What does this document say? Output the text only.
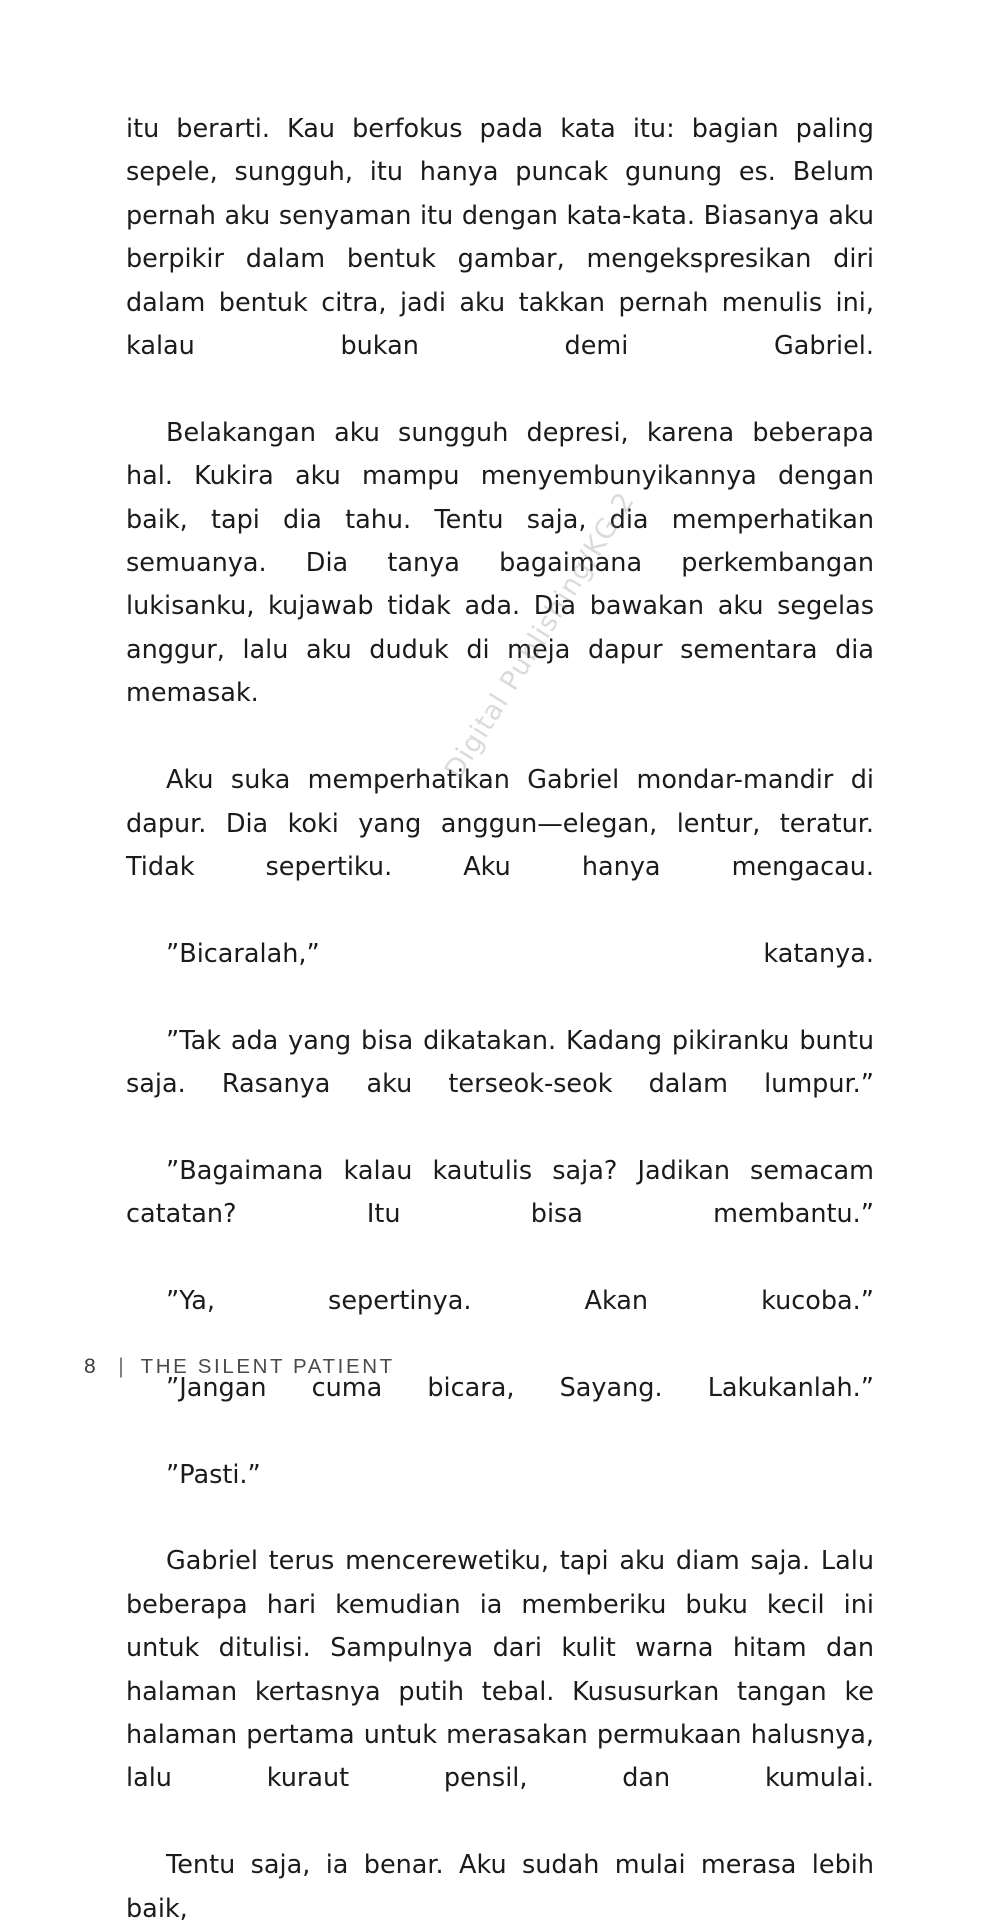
Digital Publishing/KG-2

itu berarti. Kau berfokus pada kata itu: bagian paling sepele, sungguh, itu hanya puncak gunung es. Belum pernah aku senyaman itu dengan kata-kata. Biasanya aku berpikir dalam bentuk gambar, mengekspresikan diri dalam bentuk citra, jadi aku takkan pernah menulis ini, kalau bukan demi Gabriel.

Belakangan aku sungguh depresi, karena beberapa hal. Kukira aku mampu menyembunyikannya dengan baik, tapi dia tahu. Tentu saja, dia memperhatikan semuanya. Dia tanya bagaimana perkembangan lukisanku, kujawab tidak ada. Dia bawakan aku segelas anggur, lalu aku duduk di meja dapur sementara dia memasak.

Aku suka memperhatikan Gabriel mondar-mandir di dapur. Dia koki yang anggun—elegan, lentur, teratur. Tidak sepertiku. Aku hanya mengacau.

”Bicaralah,” katanya.

”Tak ada yang bisa dikatakan. Kadang pikiranku buntu saja. Rasanya aku terseok-seok dalam lumpur.”

”Bagaimana kalau kautulis saja? Jadikan semacam catatan? Itu bisa membantu.”

”Ya, sepertinya. Akan kucoba.”

”Jangan cuma bicara, Sayang. Lakukanlah.”

”Pasti.”

Gabriel terus mencerewetiku, tapi aku diam saja. Lalu beberapa hari kemudian ia memberiku buku kecil ini untuk ditulisi. Sampulnya dari kulit warna hitam dan halaman kertasnya putih tebal. Kususurkan tangan ke halaman pertama untuk merasakan permukaan halusnya, lalu kuraut pensil, dan kumulai.

Tentu saja, ia benar. Aku sudah mulai merasa lebih baik,

8 | THE SILENT PATIENT
